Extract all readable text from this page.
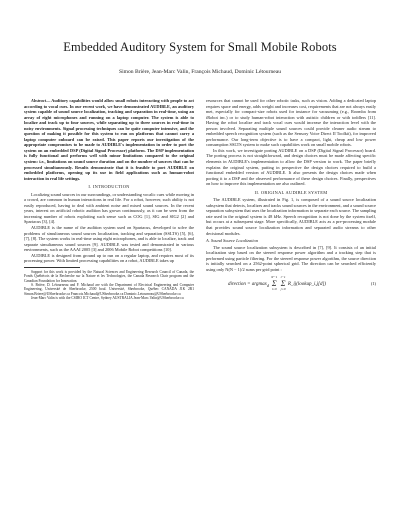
Embedded Auditory System for Small Mobile Robots
Simon Brière, Jean-Marc Valin, François Michaud, Dominic Létourneau

Abstract— Auditory capabilities would allow small robots interacting with people to act according to vocal cues. In our recent work, we have demonstrated AUDIBLE, an auditory system capable of sound source localization, tracking and separation in real-time, using an array of eight microphones and running on a laptop computer. The system is able to localize and track up to four sources, while separating up to three sources in real-time in noisy environments. Signal processing techniques can be quite computer intensive, and the question of making it possible for this system to run on platforms that cannot carry a laptop computer onboard can be raised. This paper reports our investigation of the appropriate compromises to be made to AUDIBLE's implementation in order to port the system on an embedded DSP (Digital Signal Processor) platform. The DSP implementation is fully functional and performs well with minor limitations compared to the original system: i.e., limitations on sound source duration and on the number of sources that can be processed simultaneously. Results demonstrate that it is feasible to port AUDIBLE on embedded platforms, opening up its use in field applications such as human-robot interaction in real life settings.

I. INTRODUCTION

Localizing sound sources in our surroundings, or understanding vocalic cues while moving in a crowd, are common in human interactions in real life. For a robot, however, such ability is not easily reproduced, having to deal with ambient noise and mixed sound sources. In the recent years, interest on artificial robotic audition has grown continuously, as it can be seen from the increasing number of robots exploiting such sense such as COG [1], SIG and SIG2 [2] and Spartacus [3], [4].

AUDIBLE is the name of the audition system used on Spartacus, developed to solve the problems of simultaneous sound sources localization, tracking and separation (SSLTS) [5], [6], [7], [8]. The system works in real-time using eight microphones, and is able to localize, track and separate simultaneous sound sources [9]. AUDIBLE was tested and demonstrated in various environments, such as the AAAI 2005 [3] and 2006 Mobile Robot competitions [10].

AUDIBLE is designed from ground up to run on a regular laptop, and requires most of its processing power. With limited processing capabilities on a robot, AUDIBLE takes up

Support for this work is provided by the Natural Sciences and Engineering Research Council of Canada, the Fonds Québécois de la Recherche sur la Nature et les Technologies, the Canada Research Chair program and the Canadian Foundation for Innovation.

S. Brière, D. Létourneau and F. Michaud are with the Department of Electrical Engineering and Computer Engineering, Université de Sherbrooke, 2500 boul. Université, Sherbrooke, Québec CANADA J1K 2R1 Simon.Briere@USherbrooke.ca Francois.Michaud@USherbrooke.ca Dominic.Letourneau@USherbrooke.ca

Jean-Marc Valin is with the CSIRO ICT Centre, Sydney AUSTRALIA Jean-Marc.Valin@USherbrooke.ca

resources that cannot be used for other robotic tasks, such as vision. Adding a dedicated laptop requires space and energy, adds weight and increases cost, requirements that are not always easily met, especially for compact-size robots used for instance for vacuuming (e.g., Roomba from iRobot inc.) or to study human-robot interaction with autistic children or with toddlers [11]. Having the robot localize and track vocal cues would increase the interaction level with the person involved. Separating multiple sound sources could provide cleaner audio stream to embedded speech recognition system (such as the Sensory Voice Direct II Toolkit), for improved performance. Our long-term objective is to have a compact, light, cheap and low power consumption SSLTS system to make such capabilities work on small mobile robots.

In this work, we investigate porting AUDIBLE on a DSP (Digital Signal Processor) board. The porting process is not straightforward, and design choices must be made affecting specific elements in AUDIBLE's implementation to allow the DSP version to work. The paper briefly explains the original system, putting in perspective the design choices required to build a functional embedded version of AUDIBLE. It also presents the design choices made when porting it to a DSP and the observed performance of these design choices. Finally, perspectives on how to improve this implementation are also outlined.

II. ORIGINAL AUDIBLE SYSTEM

The AUDIBLE system, illustrated in Fig. 1, is composed of a sound source localization subsystem that detects, localizes and tracks sound sources in the environment, and a sound source separation subsystem that uses the localization information to separate each source. The sampling rate used in the original system is 48 kHz. Speech recognition is not done by the system itself, but occurs at a subsequent stage. More specifically, AUDIBLE acts as a pre-processing module that provides sound source localization information and separated audio streams to other decisional modules.

A. Sound Source Localization

The sound source localization subsystem is described in [7], [9]. It consists of an initial localization step based on the steered response power algorithm and a tracking step that is performed using particle filtering. For the steered response power algorithm, the source direction is initially searched on a 2562-point spherical grid. The direction can be searched efficiently using only N(N − 1)/2 sums per grid point :

direction = argmax$_d$
N−1
Σ
i=0

i−1
Σ
j=0
R_ij(lookup_i,j[d])	(1)
